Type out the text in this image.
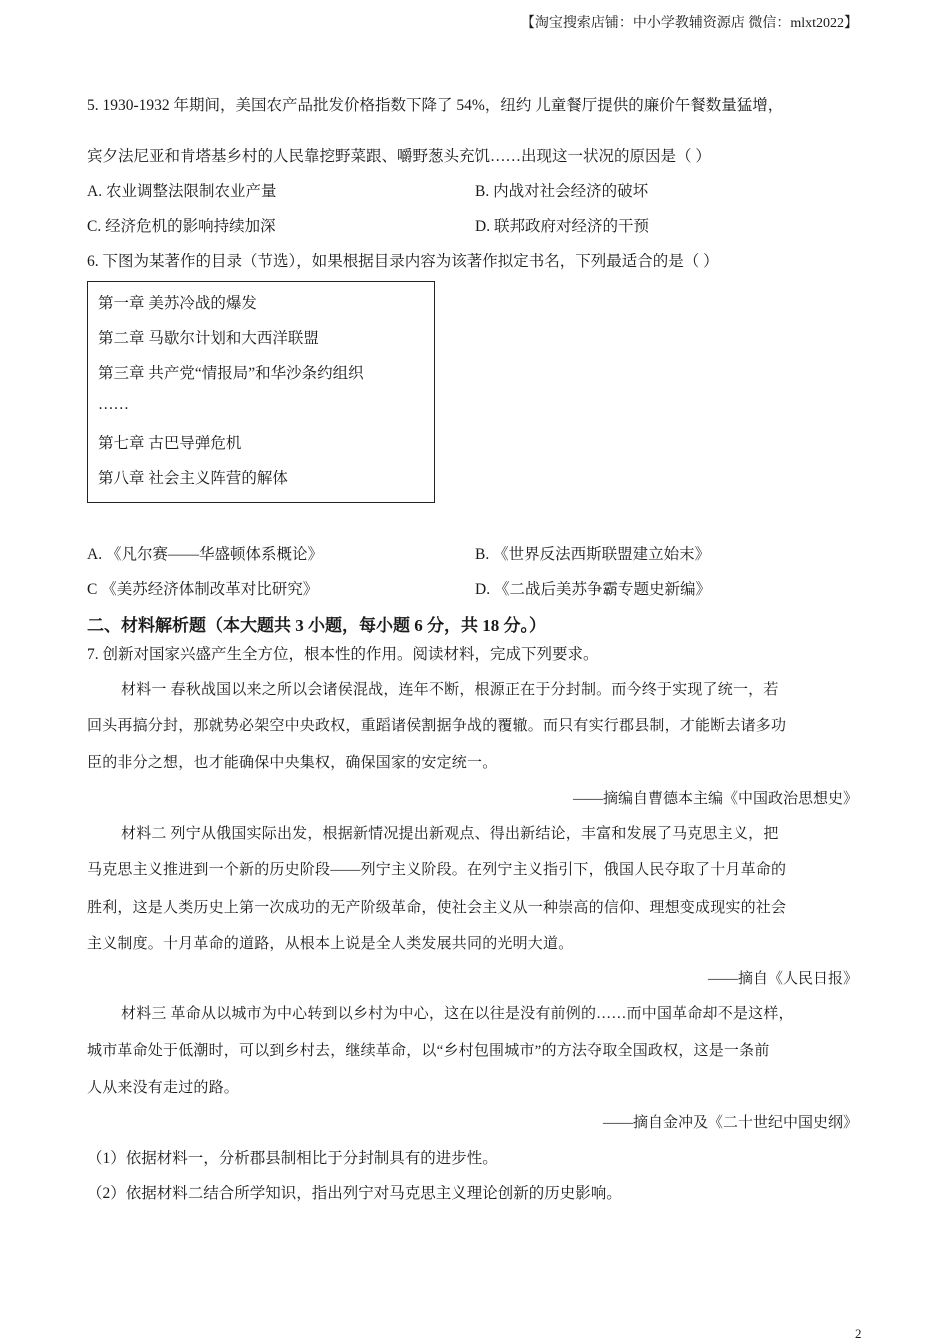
【淘宝搜索店铺：中小学教辅资源店 微信：mlxt2022】
5. 1930-1932 年期间，美国农产品批发价格指数下降了 54%，纽约 儿童餐厅提供的廉价午餐数量猛增，
宾夕法尼亚和肯塔基乡村的人民靠挖野菜跟、嚼野葱头充饥……出现这一状况的原因是（ ）
A. 农业调整法限制农业产量	B. 内战对社会经济的破坏
C. 经济危机的影响持续加深	D. 联邦政府对经济的干预
6. 下图为某著作的目录（节选），如果根据目录内容为该著作拟定书名，下列最适合的是（ ）
第一章 美苏冷战的爆发
第二章 马歇尔计划和大西洋联盟
第三章 共产党“情报局”和华沙条约组织
……
第七章 古巴导弹危机
第八章 社会主义阵营的解体
A. 《凡尔赛——华盛顿体系概论》	B. 《世界反法西斯联盟建立始末》
C 《美苏经济体制改革对比研究》	D. 《二战后美苏争霸专题史新编》
二、材料解析题（本大题共 3 小题，每小题 6 分，共 18 分。）
7. 创新对国家兴盛产生全方位，根本性的作用。阅读材料，完成下列要求。
材料一 春秋战国以来之所以会诸侯混战，连年不断，根源正在于分封制。而今终于实现了统一，若
回头再搞分封，那就势必架空中央政权，重蹈诸侯割据争战的覆辙。而只有实行郡县制，才能断去诸多功
臣的非分之想，也才能确保中央集权，确保国家的安定统一。
——摘编自曹德本主编《中国政治思想史》
材料二 列宁从俄国实际出发，根据新情况提出新观点、得出新结论，丰富和发展了马克思主义，把
马克思主义推进到一个新的历史阶段——列宁主义阶段。在列宁主义指引下，俄国人民夺取了十月革命的
胜利，这是人类历史上第一次成功的无产阶级革命，使社会主义从一种崇高的信仰、理想变成现实的社会
主义制度。十月革命的道路，从根本上说是全人类发展共同的光明大道。
——摘自《人民日报》
材料三 革命从以城市为中心转到以乡村为中心，这在以往是没有前例的……而中国革命却不是这样，
城市革命处于低潮时，可以到乡村去，继续革命，以“乡村包围城市”的方法夺取全国政权，这是一条前
人从来没有走过的路。
——摘自金冲及《二十世纪中国史纲》
（1）依据材料一，分析郡县制相比于分封制具有的进步性。
（2）依据材料二结合所学知识，指出列宁对马克思主义理论创新的历史影响。
2
